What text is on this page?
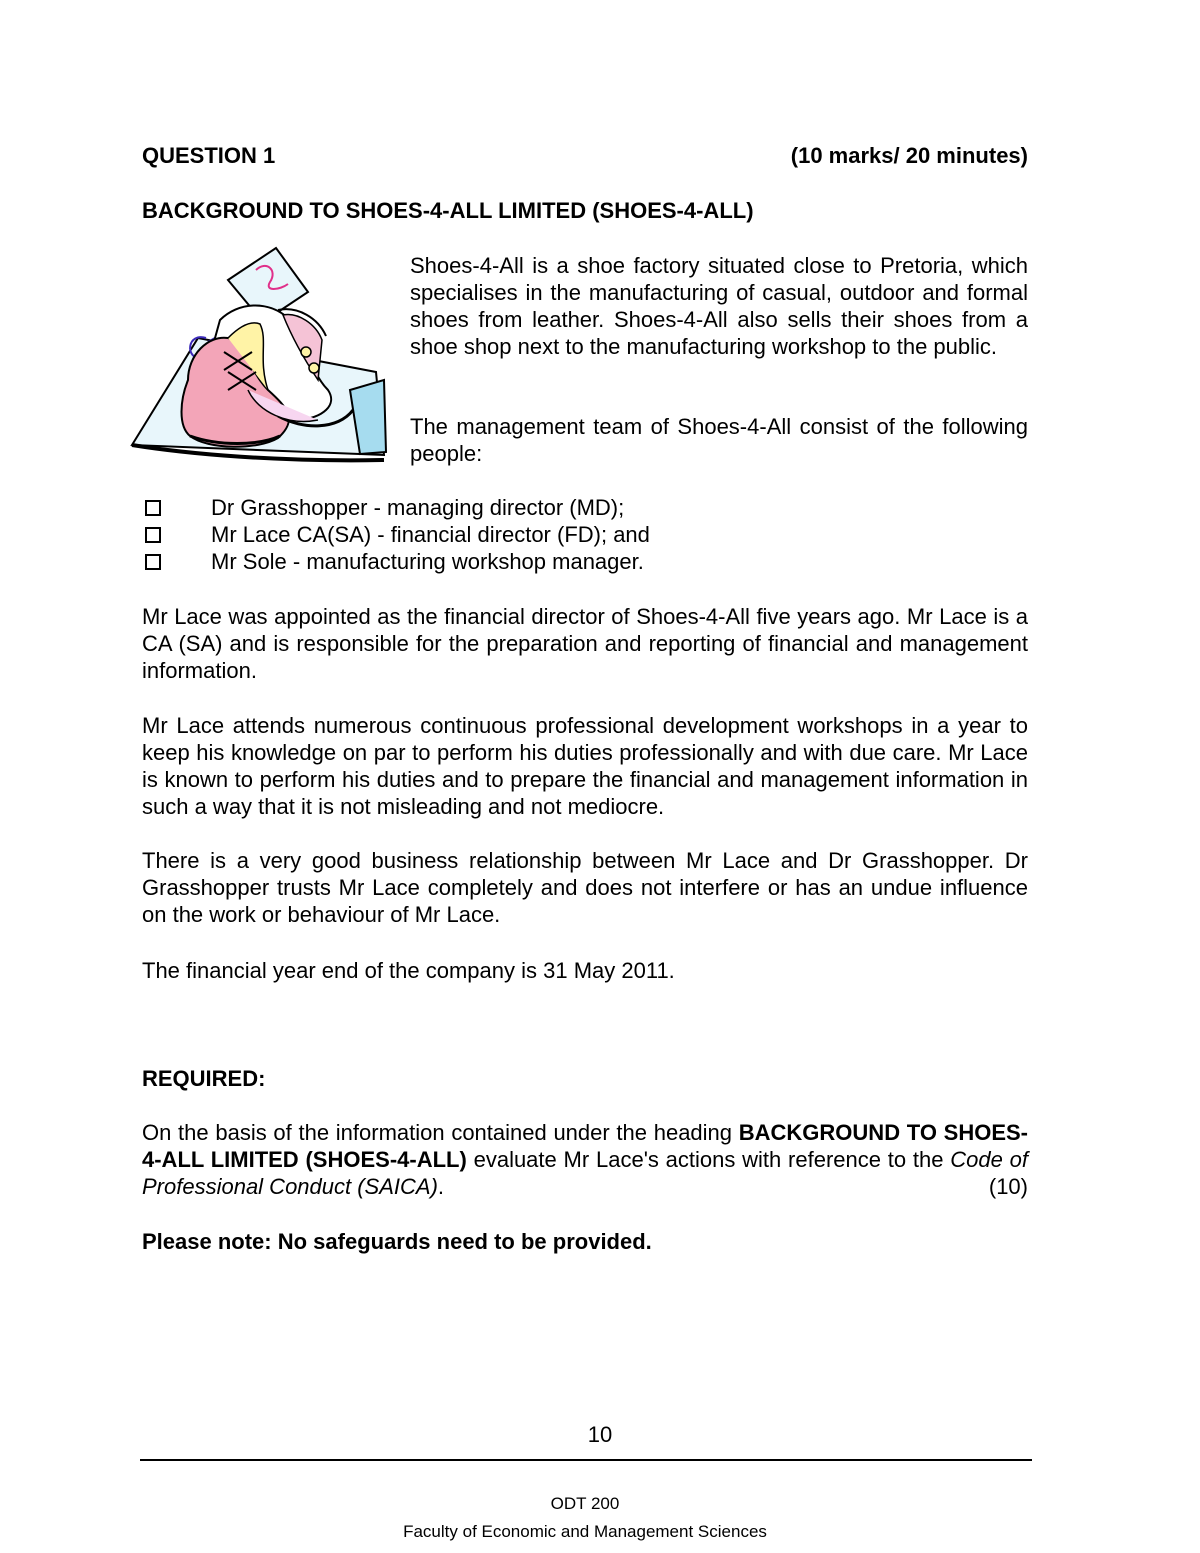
QUESTION 1	(10 marks/ 20 minutes)
BACKGROUND TO SHOES-4-ALL LIMITED (SHOES-4-ALL)

Shoes-4-All is a shoe factory situated close to Pretoria, which specialises in the manufacturing of casual, outdoor and formal shoes from leather. Shoes-4-All also sells their shoes from a shoe shop next to the manufacturing workshop to the public.

The management team of Shoes-4-All consist of the following people:

Dr Grasshopper - managing director (MD);
Mr Lace CA(SA) - financial director (FD); and
Mr Sole - manufacturing workshop manager.

Mr Lace was appointed as the financial director of Shoes-4-All five years ago. Mr Lace is a CA (SA) and is responsible for the preparation and reporting of financial and management information.

Mr Lace attends numerous continuous professional development workshops in a year to keep his knowledge on par to perform his duties professionally and with due care. Mr Lace is known to perform his duties and to prepare the financial and management information in such a way that it is not misleading and not mediocre.

There is a very good business relationship between Mr Lace and Dr Grasshopper. Dr Grasshopper trusts Mr Lace completely and does not interfere or has an undue influence on the work or behaviour of Mr Lace.

The financial year end of the company is 31 May 2011.

REQUIRED:

On the basis of the information contained under the heading BACKGROUND TO SHOES-4-ALL LIMITED (SHOES-4-ALL) evaluate Mr Lace's actions with reference to the Code of Professional Conduct (SAICA).	(10)

Please note: No safeguards need to be provided.
10
ODT 200
Faculty of Economic and Management Sciences
